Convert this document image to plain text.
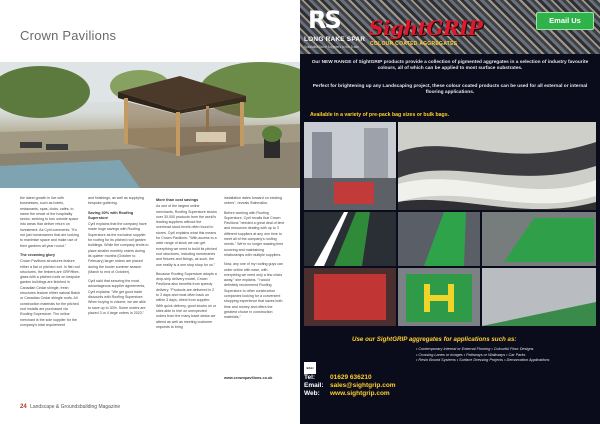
Crown Pavilions

the latest growth in live with businesses, such as hotels, restaurants, spas, clubs, cafés, to name the whole of the hospitality sector, seeking to turn outside space into areas that deliver return on investment. As Cyril comments: "It's not just homeowners that are looking to maximise space and make use of their gardens all year round."

The crowning glory

Crown Pavilions structures feature either a flat or pitched roof. In flat roof structures, the timbers are GRP/fibre-glass with a pitched roofs on bespoke garden buildings are finished in Canadian Cedar shingle, fresh structures feature either natural Batch or Canadian Cedar shingle roofs. All construction materials for the pitched roof installs are purchased via Roofing Superstore. The online merchant is the sole supplier for the company's total requirement

and finishings, as well as supplying bespoke guttering.

Saving 30% with Roofing Superstore

Cyril explains that the company have made huge savings with Roofing Superstore as the exclusive supplier for roofing for its pitched roof garden buildings. While the company tends to place smaller monthly orders during its quieter months (October to February) larger orders are placed during the busier summer season (March to end of October).

Cyril said that securing the most advantageous supplier agreements, Cyril explains: "We get good trade discounts with Roofing Superstore. When buying in volume, we are able to save up to 30%. Some orders are placed 3 or 4 large orders in 2023."

More than cost savings

As one of the largest online merchants, Roofing Superstore stocks over 30,000 products from the world's leading suppliers without the overhead stock levels often found in stores. Cyril explains what this means for Crown Pavilions: "With access to a wide range of stock we can get everything we need to build its pitched roof structures, including membranes and fixtures and fixings, as such, the one reality is a one stop shop for us."

Because Roofing Superstore adopts a drop-ship delivery model, Crown Pavilions also benefits from speedy delivery. "Products are delivered in 2 to 3 days and most often back on within 3 days, direct from supplier. With quick delivery, good stocks on or sites able to hire on unexpected orders from the many trade desks we attend as well as meeting customer requests to bring

installation dates forward on existing orders", reveals Stahmalko.

Before working with Roofing Superstore, Cyril recalls that Crown Pavilions "needed a great deal of time and resources dealing with up to 3 different suppliers at any one time to meet all of the company's roofing needs." We're no longer wasting time sourcing and maintaining relationships with multiple suppliers.

Now, any one of my roofing guys can order online with ease, with everything we need only a few clicks away," she explains. "I would definitely recommend Roofing Superstore to other construction companies looking for a convenient shopping experience that saves both time and money and offers the greatest choice in construction materials."

www.crownpavilions.co.uk
24 Landscape & Groundsbuilding Magazine
RS
LONG RAKE SPAR
Specialist Stone Suppliers to the Trade
SightGRIP
COLOUR COATED AGGREGATES
Email Us
Our NEW RANGE of SightGRIP products provide a collection of pigmented aggregates in a selection of industry favourite colours, all of which can be applied to most surface substrates.
Perfect for brightening up any Landscaping project, these colour coated products can be used for all external or internal flooring applications.
Available in a variety of pre-pack bag sizes or bulk bags.
Use our SightGRIP aggregates for applications such as:
• Contemporary Internal or External Flooring • Colourful Floor Designs
• Crossing Lanes or Images • Pathways or Walkways • Car Parks
• Resin Bound Systems • Surface Dressing Projects • Demarcation Applications
BALI
Tel:	01629 636210
Email: sales@sightgrip.com
Web:	www.sightgrip.com
